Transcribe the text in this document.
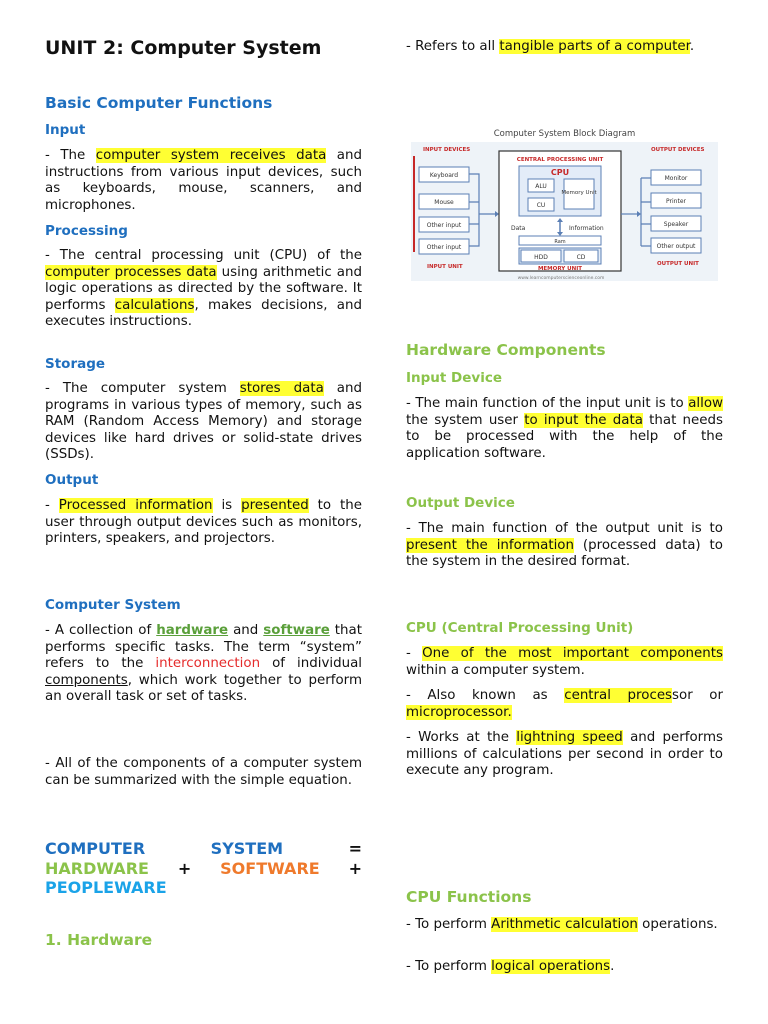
UNIT 2: Computer System
Basic Computer Functions
Input

- The computer system receives data and instructions from various input devices, such as keyboards, mouse, scanners, and microphones.

Processing

- The central processing unit (CPU) of the computer processes data using arithmetic and logic operations as directed by the software. It performs calculations, makes decisions, and executes instructions.

Storage

- The computer system stores data and programs in various types of memory, such as RAM (Random Access Memory) and storage devices like hard drives or solid-state drives (SSDs).

Output

- Processed information is presented to the user through output devices such as monitors, printers, speakers, and projectors.

Computer System

- A collection of hardware and software that performs specific tasks. The term “system” refers to the interconnection of individual components, which work together to perform an overall task or set of tasks.

- All of the components of a computer system can be summarized with the simple equation.

COMPUTER	SYSTEM	=
HARDWARE + SOFTWARE +
PEOPLEWARE
1. Hardware

- Refers to all tangible parts of a computer.

Computer System Block Diagram
INPUT DEVICES
Keyboard
Mouse
Other input
Other input
INPUT UNIT
CENTRAL PROCESSING UNIT
CPU
ALU
CU
Memory Unit
Data	Information
Ram
HDD	CD
MEMORY UNIT
OUTPUT DEVICES
Monitor
Printer
Speaker
Other output
OUTPUT UNIT
www.learncomputerscienceonline.com
Hardware Components
Input Device

- The main function of the input unit is to allow the system user to input the data that needs to be processed with the help of the application software.

Output Device

- The main function of the output unit is to present the information (processed data) to the system in the desired format.

CPU (Central Processing Unit)

- One of the most important components within a computer system.

- Also known as central processor or microprocessor.

- Works at the lightning speed and performs millions of calculations per second in order to execute any program.

CPU Functions

- To perform Arithmetic calculation operations.

- To perform logical operations.
